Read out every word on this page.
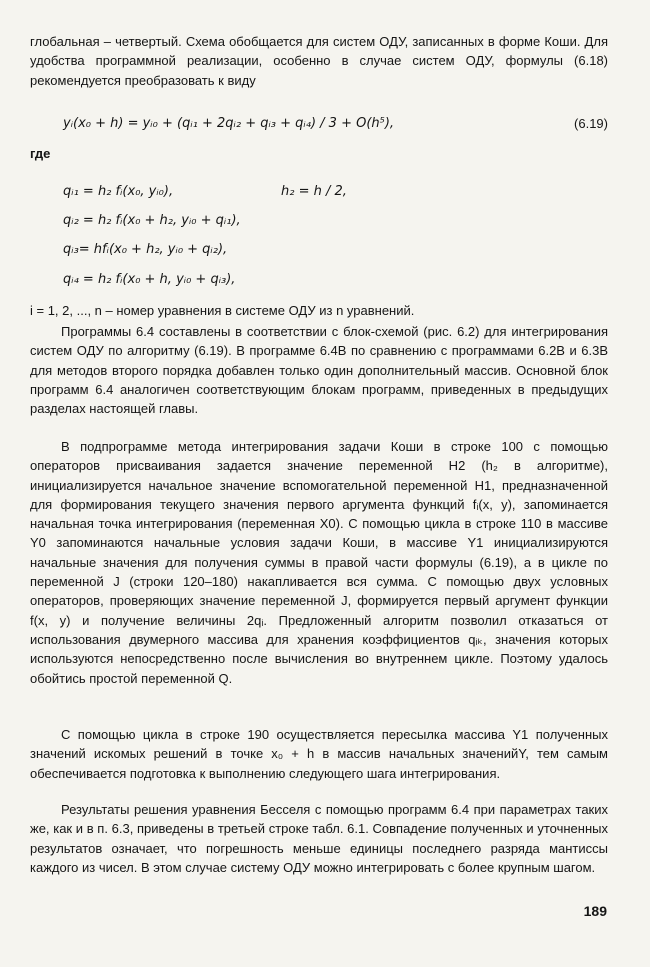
глобальная – четвертый. Схема обобщается для систем ОДУ, записанных в форме Коши. Для удобства программной реализации, особенно в случае систем ОДУ, формулы (6.18) рекомендуется преобразовать к виду
yᵢ(x₀ + h) = yᵢ₀ + (qᵢ₁ + 2qᵢ₂ + qᵢ₃ + qᵢ₄) / 3 + O(h⁵),	(6.19)
где
qᵢ₁ = h₂ fᵢ(x₀, yᵢ₀),	h₂ = h / 2,
qᵢ₂ = h₂ fᵢ(x₀ + h₂, yᵢ₀ + qᵢ₁),
qᵢ₃= hfᵢ(x₀ + h₂, yᵢ₀ + qᵢ₂),
qᵢ₄ = h₂ fᵢ(x₀ + h, yᵢ₀ + qᵢ₃),
i = 1, 2, ..., n – номер уравнения в системе ОДУ из n уравнений.
Программы 6.4 составлены в соответствии с блок-схемой (рис. 6.2) для интегрирования систем ОДУ по алгоритму (6.19). В программе 6.4B по сравнению с программами 6.2B и 6.3B для методов второго порядка добавлен только один дополнительный массив. Основной блок программ 6.4 аналогичен соответствующим блокам программ, приведенных в предыдущих разделах настоящей главы.
В подпрограмме метода интегрирования задачи Коши в строке 100 с помощью операторов присваивания задается значение переменной H2 (h₂ в алгоритме), инициализируется начальное значение вспомогательной переменной H1, предназначенной для формирования текущего значения первого аргумента функций fᵢ(x, y), запоминается начальная точка интегрирования (переменная X0). С помощью цикла в строке 110 в массиве Y0 запоминаются начальные условия задачи Коши, в массиве Y1 инициализируются начальные значения для получения суммы в правой части формулы (6.19), а в цикле по переменной J (строки 120–180) накапливается вся сумма. С помощью двух условных операторов, проверяющих значение переменной J, формируется первый аргумент функции f(x, y) и получение величины 2qᵢ. Предложенный алгоритм позволил отказаться от использования двумерного массива для хранения коэффициентов qᵢₖ, значения которых используются непосредственно после вычисления во внутреннем цикле. Поэтому удалось обойтись простой переменной Q.
С помощью цикла в строке 190 осуществляется пересылка массива Y1 полученных значений искомых решений в точке x₀ + h в массив начальных значенийY, тем самым обеспечивается подготовка к выполнению следующего шага интегрирования.
Результаты решения уравнения Бесселя с помощью программ 6.4 при параметрах таких же, как и в п. 6.3, приведены в третьей строке табл. 6.1. Совпадение полученных и уточненных результатов означает, что погрешность меньше единицы последнего разряда мантиссы каждого из чисел. В этом случае систему ОДУ можно интегрировать с более крупным шагом.
189
